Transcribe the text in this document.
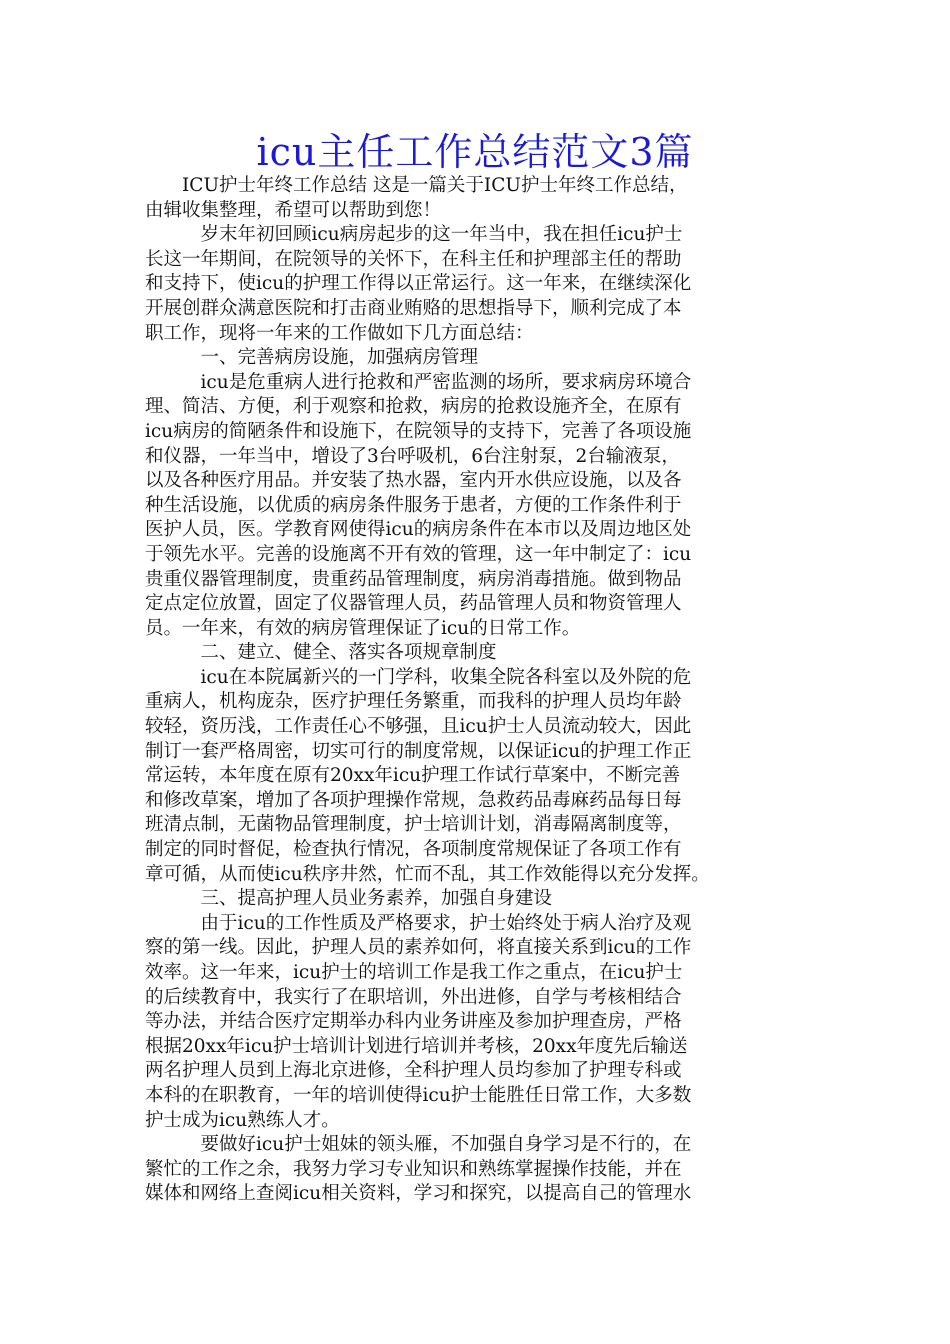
icu主任工作总结范文3篇
　　ICU护士年终工作总结 这是一篇关于ICU护士年终工作总结，
由辑收集整理，希望可以帮助到您！
　　　岁末年初回顾icu病房起步的这一年当中，我在担任icu护士
长这一年期间，在院领导的关怀下，在科主任和护理部主任的帮助
和支持下，使icu的护理工作得以正常运行。这一年来，在继续深化
开展创群众满意医院和打击商业贿赂的思想指导下，顺利完成了本
职工作，现将一年来的工作做如下几方面总结：
　　　一、完善病房设施，加强病房管理
　　　icu是危重病人进行抢救和严密监测的场所，要求病房环境合
理、简洁、方便，利于观察和抢救，病房的抢救设施齐全，在原有
icu病房的简陋条件和设施下，在院领导的支持下，完善了各项设施
和仪器，一年当中，增设了3台呼吸机，6台注射泵，2台输液泵，
以及各种医疗用品。并安装了热水器，室内开水供应设施，以及各
种生活设施，以优质的病房条件服务于患者，方便的工作条件利于
医护人员，医。学教育网使得icu的病房条件在本市以及周边地区处
于领先水平。完善的设施离不开有效的管理，这一年中制定了：icu
贵重仪器管理制度，贵重药品管理制度，病房消毒措施。做到物品
定点定位放置，固定了仪器管理人员，药品管理人员和物资管理人
员。一年来，有效的病房管理保证了icu的日常工作。
　　　二、建立、健全、落实各项规章制度
　　　icu在本院属新兴的一门学科，收集全院各科室以及外院的危
重病人，机构庞杂，医疗护理任务繁重，而我科的护理人员均年龄
较轻，资历浅，工作责任心不够强，且icu护士人员流动较大，因此
制订一套严格周密，切实可行的制度常规，以保证icu的护理工作正
常运转，本年度在原有20xx年icu护理工作试行草案中，不断完善
和修改草案，增加了各项护理操作常规，急救药品毒麻药品每日每
班清点制，无菌物品管理制度，护士培训计划，消毒隔离制度等，
制定的同时督促，检查执行情况，各项制度常规保证了各项工作有
章可循，从而使icu秩序井然，忙而不乱，其工作效能得以充分发挥。
　　　三、提高护理人员业务素养，加强自身建设
　　　由于icu的工作性质及严格要求，护士始终处于病人治疗及观
察的第一线。因此，护理人员的素养如何，将直接关系到icu的工作
效率。这一年来，icu护士的培训工作是我工作之重点，在icu护士
的后续教育中，我实行了在职培训，外出进修，自学与考核相结合
等办法，并结合医疗定期举办科内业务讲座及参加护理查房，严格
根据20xx年icu护士培训计划进行培训并考核，20xx年度先后输送
两名护理人员到上海北京进修，全科护理人员均参加了护理专科或
本科的在职教育，一年的培训使得icu护士能胜任日常工作，大多数
护士成为icu熟练人才。
　　　要做好icu护士姐妹的领头雁，不加强自身学习是不行的，在
繁忙的工作之余，我努力学习专业知识和熟练掌握操作技能，并在
媒体和网络上查阅icu相关资料，学习和探究，以提高自己的管理水
